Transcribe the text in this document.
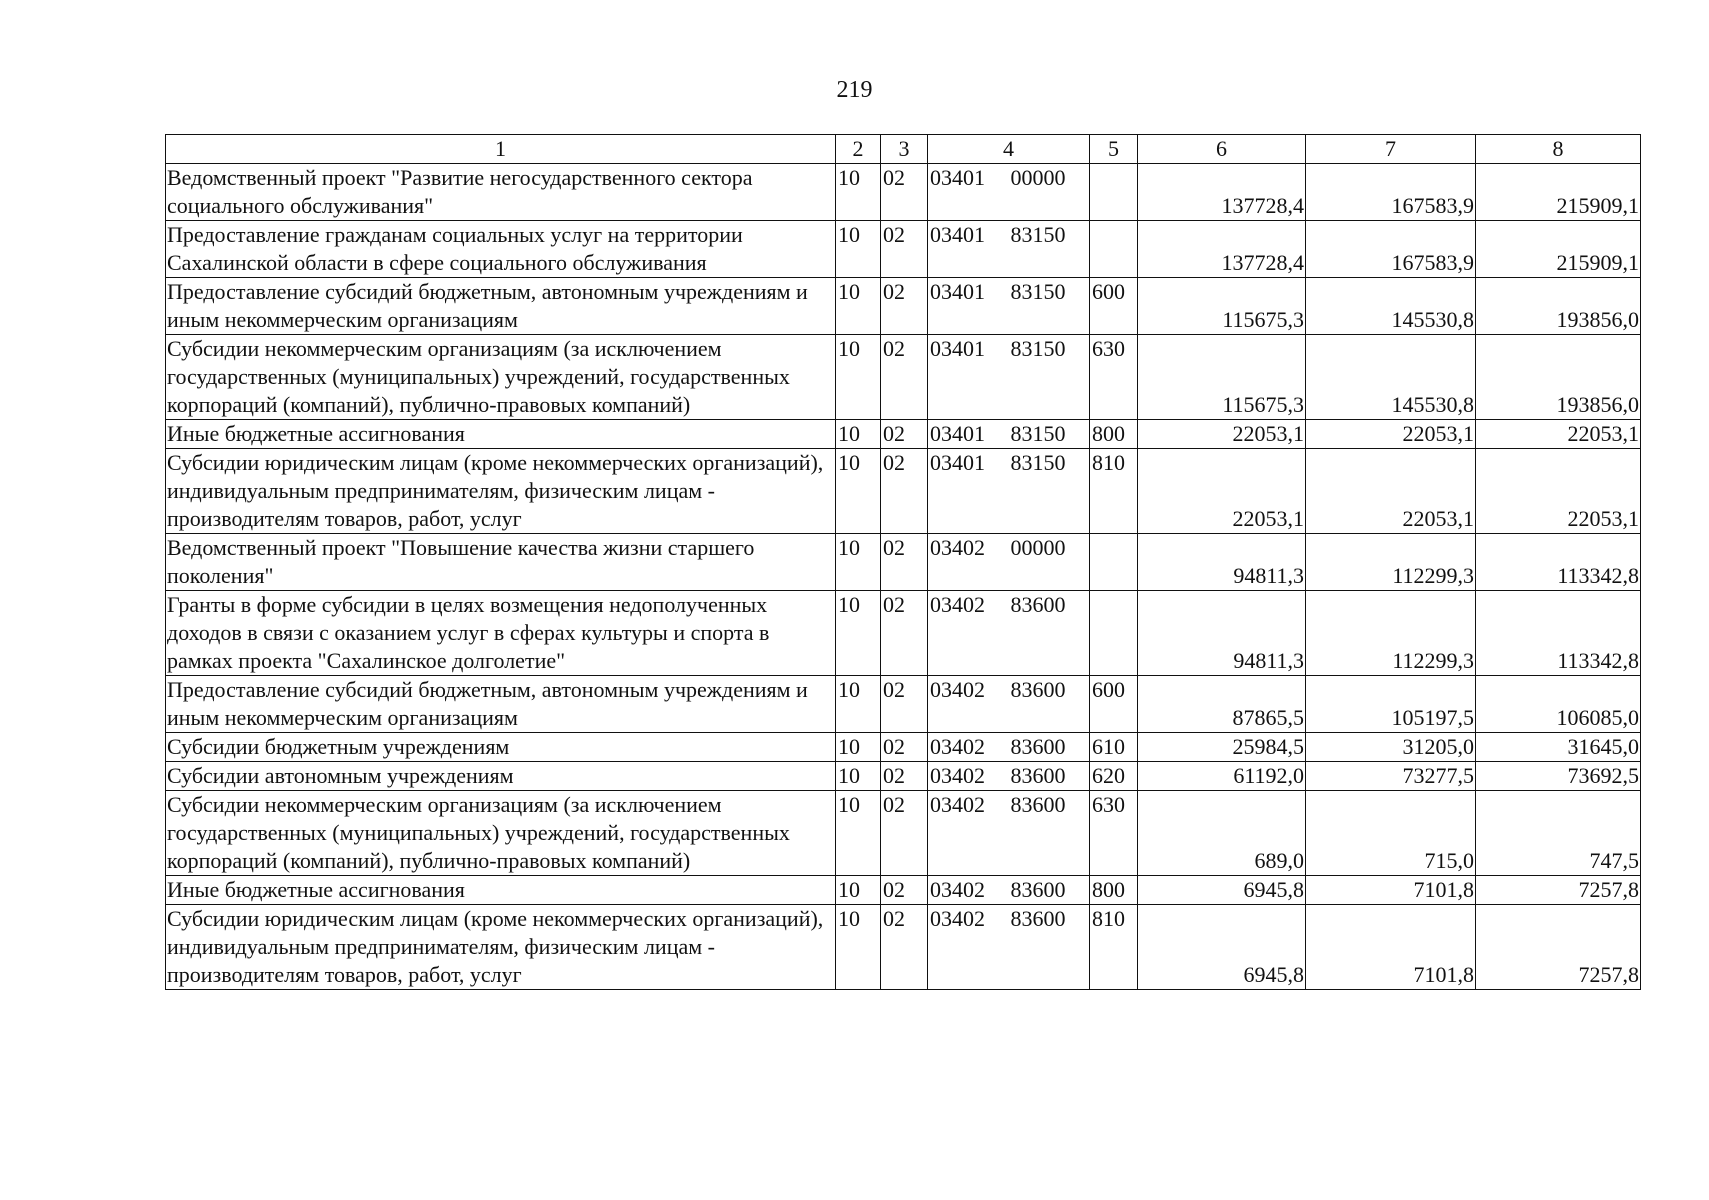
219
1	2	3	4		5	6	7	8
Ведомственный проект "Развитие негосударственного сектора социального обслуживания"	10	02	03401	00000		137728,4	167583,9	215909,1
Предоставление гражданам социальных услуг на территории Сахалинской области в сфере социального обслуживания	10	02	03401	83150		137728,4	167583,9	215909,1
Предоставление субсидий бюджетным, автономным учреждениям и иным некоммерческим организациям	10	02	03401	83150	600	115675,3	145530,8	193856,0
Субсидии некоммерческим организациям (за исключением государственных (муниципальных) учреждений, государственных корпораций (компаний), публично-правовых компаний)	10	02	03401	83150	630	115675,3	145530,8	193856,0
Иные бюджетные ассигнования	10	02	03401	83150	800	22053,1	22053,1	22053,1
Субсидии юридическим лицам (кроме некоммерческих организаций), индивидуальным предпринимателям, физическим лицам - производителям товаров, работ, услуг	10	02	03401	83150	810	22053,1	22053,1	22053,1
Ведомственный проект "Повышение качества жизни старшего поколения"	10	02	03402	00000		94811,3	112299,3	113342,8
Гранты в форме субсидии в целях возмещения недополученных доходов в связи с оказанием услуг в сферах культуры и спорта в рамках проекта "Сахалинское долголетие"	10	02	03402	83600		94811,3	112299,3	113342,8
Предоставление субсидий бюджетным, автономным учреждениям и иным некоммерческим организациям	10	02	03402	83600	600	87865,5	105197,5	106085,0
Субсидии бюджетным учреждениям	10	02	03402	83600	610	25984,5	31205,0	31645,0
Субсидии автономным учреждениям	10	02	03402	83600	620	61192,0	73277,5	73692,5
Субсидии некоммерческим организациям (за исключением государственных (муниципальных) учреждений, государственных корпораций (компаний), публично-правовых компаний)	10	02	03402	83600	630	689,0	715,0	747,5
Иные бюджетные ассигнования	10	02	03402	83600	800	6945,8	7101,8	7257,8
Субсидии юридическим лицам (кроме некоммерческих организаций), индивидуальным предпринимателям, физическим лицам - производителям товаров, работ, услуг	10	02	03402	83600	810	6945,8	7101,8	7257,8
